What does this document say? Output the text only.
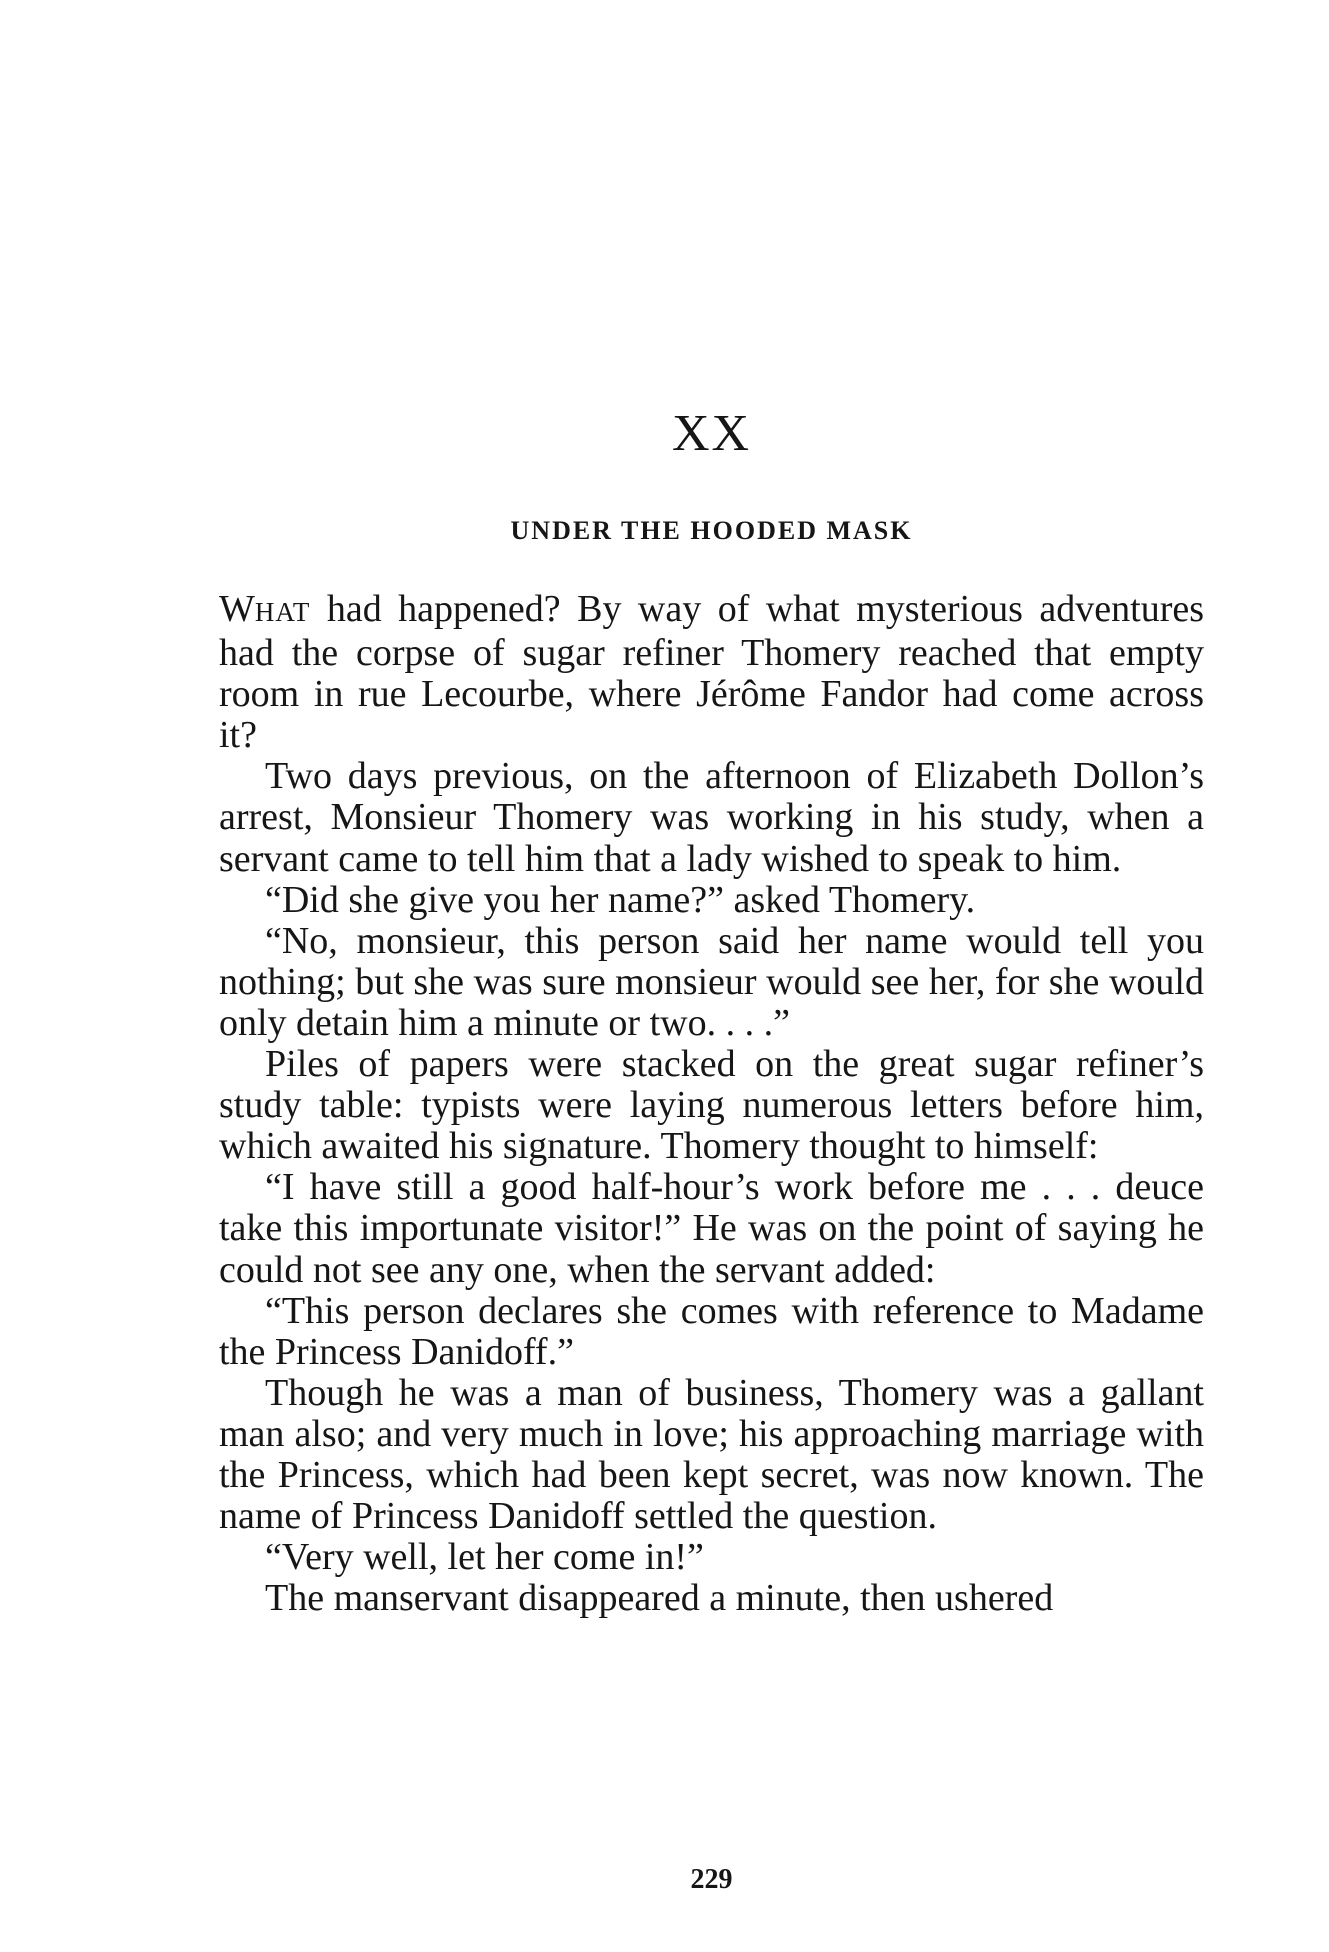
XX
UNDER THE HOODED MASK

WHAT had happened? By way of what mysterious adventures had the corpse of sugar refiner Thomery reached that empty room in rue Lecourbe, where Jérôme Fandor had come across it?

Two days previous, on the afternoon of Elizabeth Dollon’s arrest, Monsieur Thomery was working in his study, when a servant came to tell him that a lady wished to speak to him.

“Did she give you her name?” asked Thomery.

“No, monsieur, this person said her name would tell you nothing; but she was sure monsieur would see her, for she would only detain him a minute or two. . . .”

Piles of papers were stacked on the great sugar refiner’s study table: typists were laying numerous letters before him, which awaited his signature. Thomery thought to himself:

“I have still a good half-hour’s work before me . . . deuce take this importunate visitor!” He was on the point of saying he could not see any one, when the servant added:

“This person declares she comes with reference to Madame the Princess Danidoff.”

Though he was a man of business, Thomery was a gallant man also; and very much in love; his approaching marriage with the Princess, which had been kept secret, was now known. The name of Princess Danidoff settled the question.

“Very well, let her come in!”

The manservant disappeared a minute, then ushered

229
